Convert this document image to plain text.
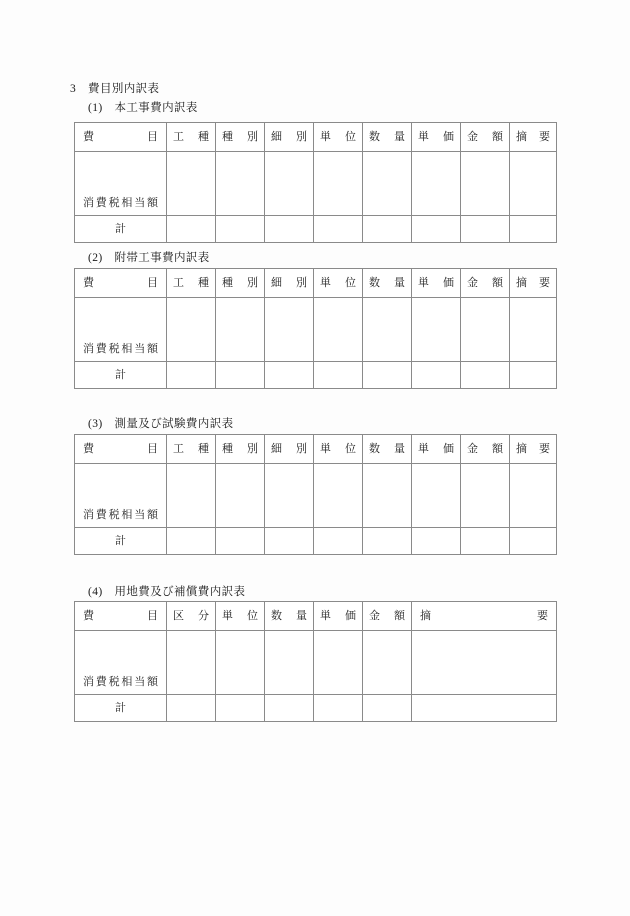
3　費目別内訳表
(1)　本工事費内訳表
費目	工種	種別	細別	単位	数量	単価	金額	摘要

消費税相当額								

計								

(2)　附帯工事費内訳表
費目	工種	種別	細別	単位	数量	単価	金額	摘要

消費税相当額								

計								

(3)　測量及び試験費内訳表
費目	工種	種別	細別	単位	数量	単価	金額	摘要

消費税相当額								

計								

(4)　用地費及び補償費内訳表
費目	区分	単位	数量	単価	金額	摘要

消費税相当額						

計						
